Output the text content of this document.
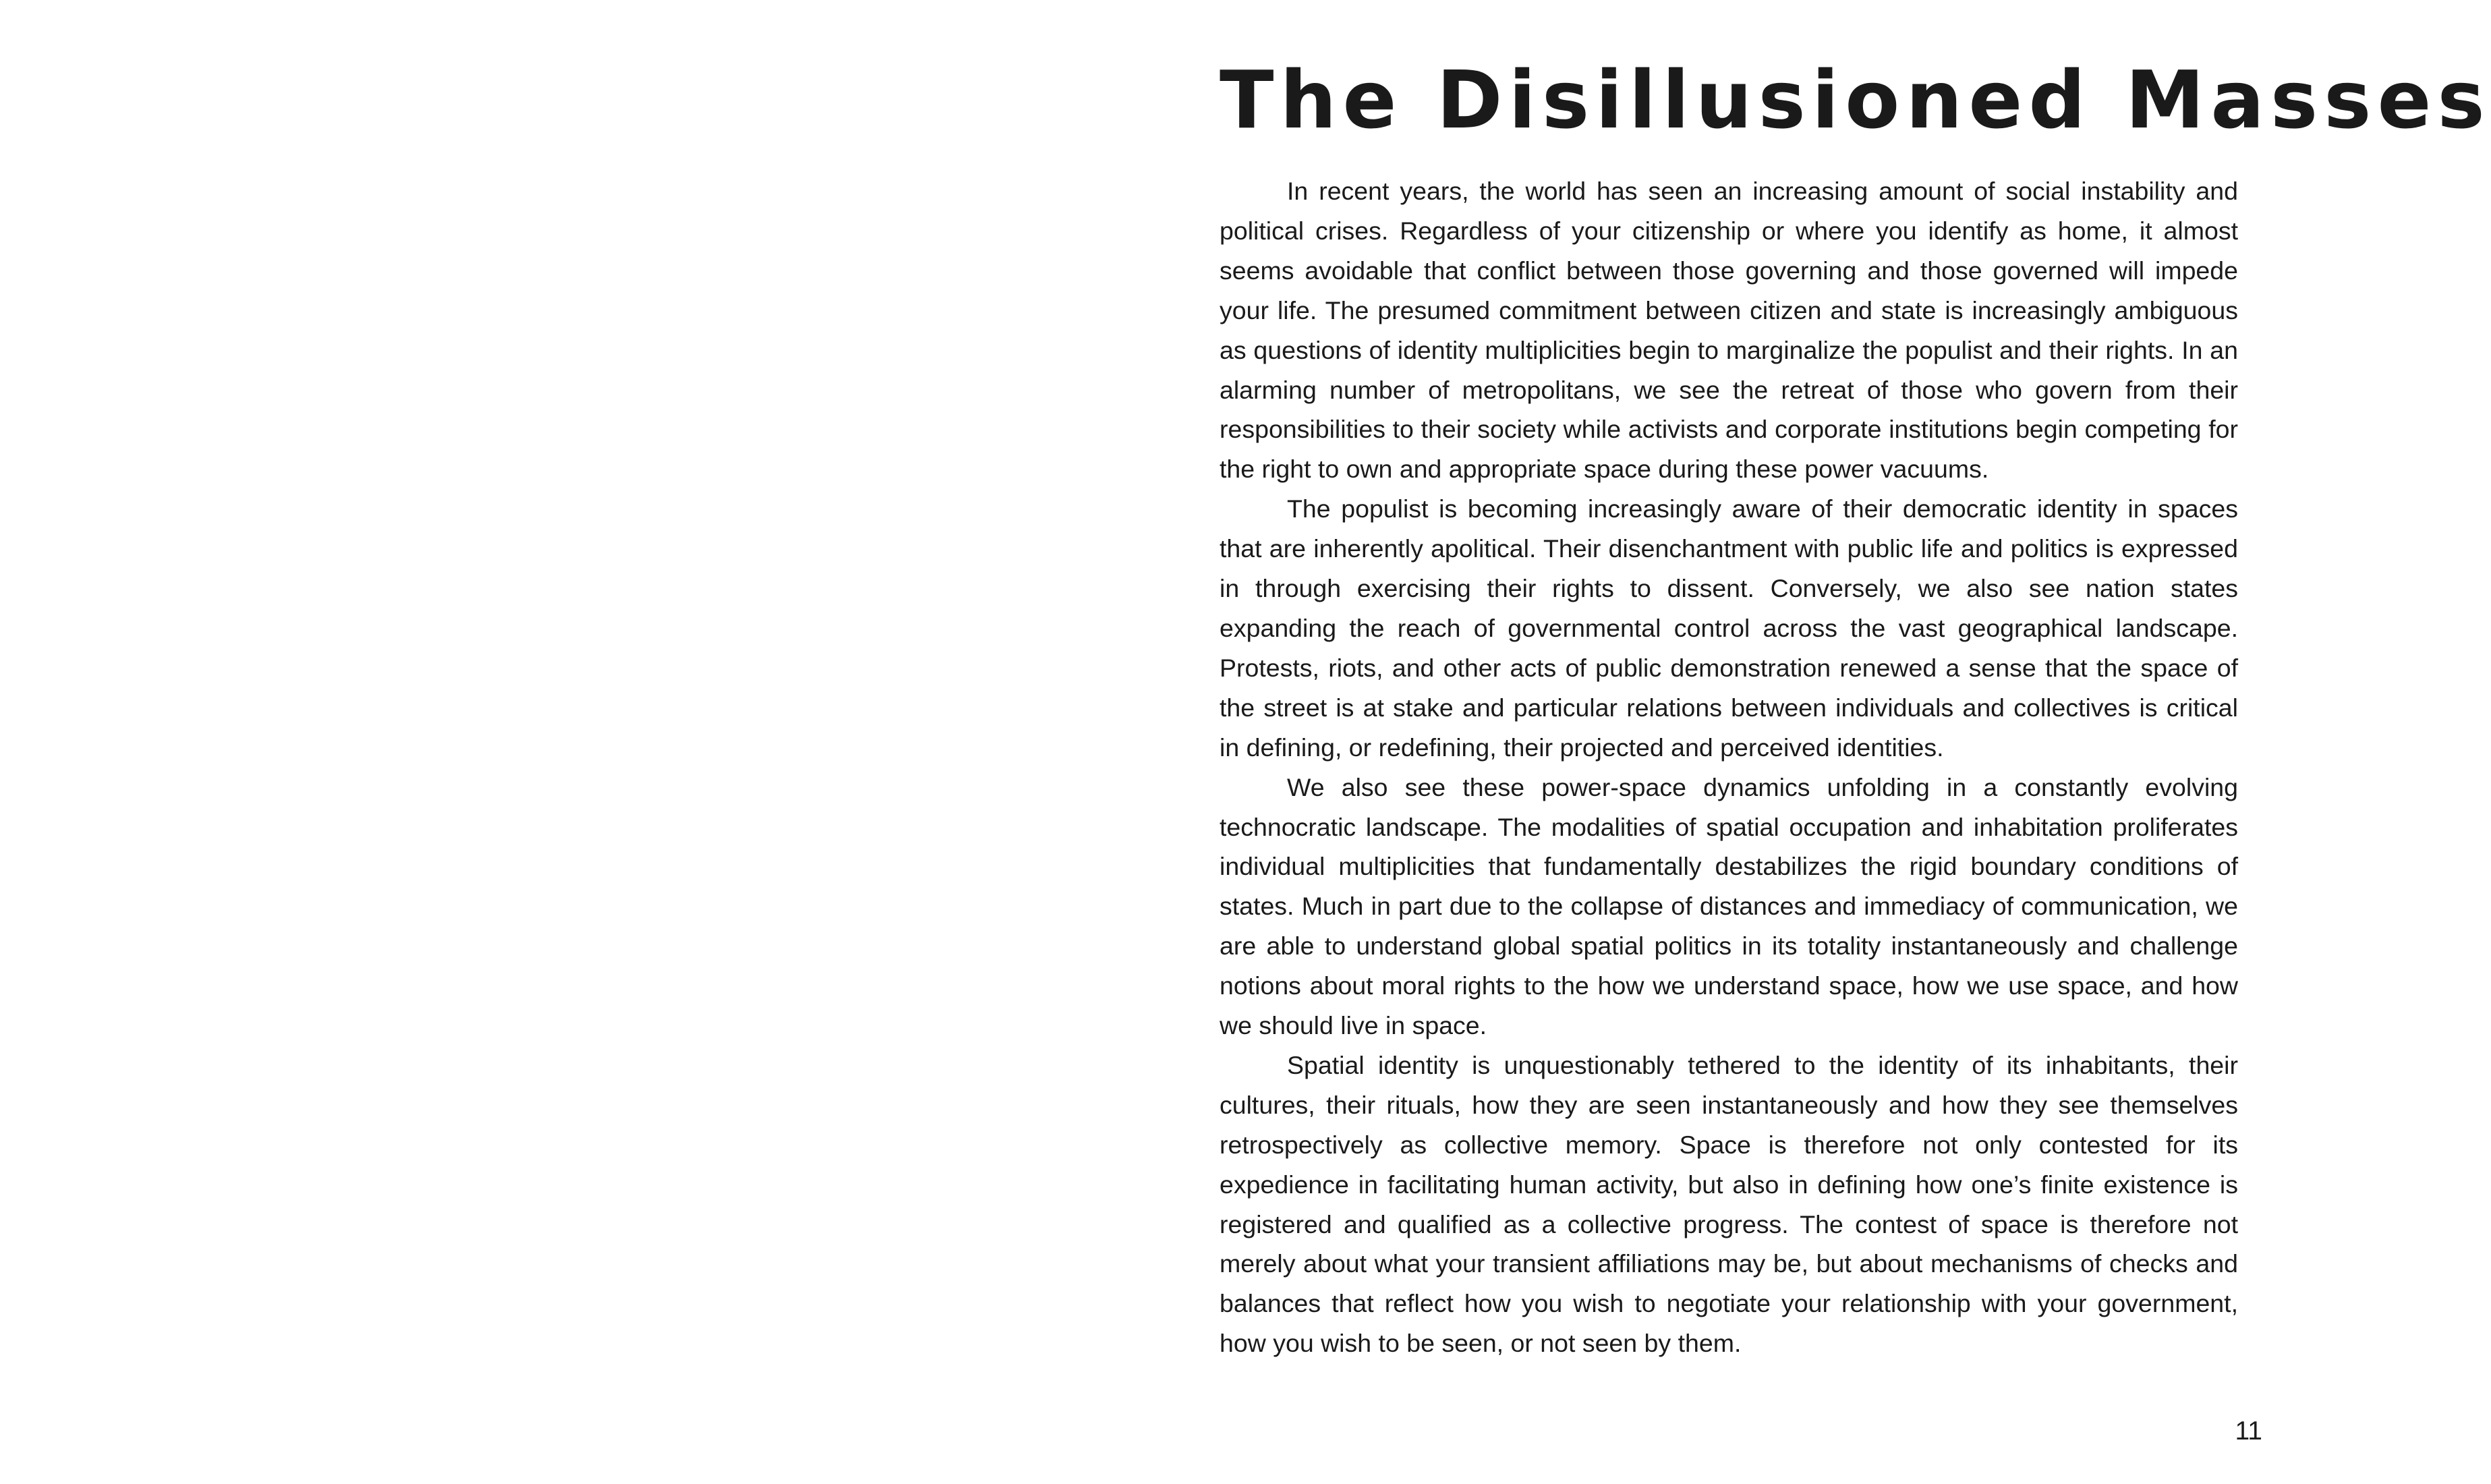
The Disillusioned Masses

In recent years, the world has seen an increasing amount of social instability and political crises. Regardless of your citizenship or where you identify as home, it almost seems avoidable that conflict between those governing and those governed will impede your life. The presumed commitment between citizen and state is increasingly ambiguous as questions of identity multiplicities begin to marginalize the populist and their rights. In an alarming number of metropolitans, we see the retreat of those who govern from their responsibilities to their society while activists and corporate institutions begin competing for the right to own and appropriate space during these power vacuums.

The populist is becoming increasingly aware of their democratic identity in spaces that are inherently apolitical. Their disenchantment with public life and politics is expressed in through exercising their rights to dissent. Conversely, we also see nation states expanding the reach of governmental control across the vast geographical landscape. Protests, riots, and other acts of public demonstration renewed a sense that the space of the street is at stake and particular relations between individuals and collectives is critical in defining, or redefining, their projected and perceived identities.

We also see these power-space dynamics unfolding in a constantly evolving technocratic landscape. The modalities of spatial occupation and inhabitation proliferates individual multiplicities that fundamentally destabilizes the rigid boundary conditions of states. Much in part due to the collapse of distances and immediacy of communication, we are able to understand global spatial politics in its totality instantaneously and challenge notions about moral rights to the how we understand space, how we use space, and how we should live in space.

Spatial identity is unquestionably tethered to the identity of its inhabitants, their cultures, their rituals, how they are seen instantaneously and how they see themselves retrospectively as collective memory. Space is therefore not only contested for its expedience in facilitating human activity, but also in defining how one’s finite existence is registered and qualified as a collective progress. The contest of space is therefore not merely about what your transient affiliations may be, but about mechanisms of checks and balances that reflect how you wish to negotiate your relationship with your government, how you wish to be seen, or not seen by them.

11
